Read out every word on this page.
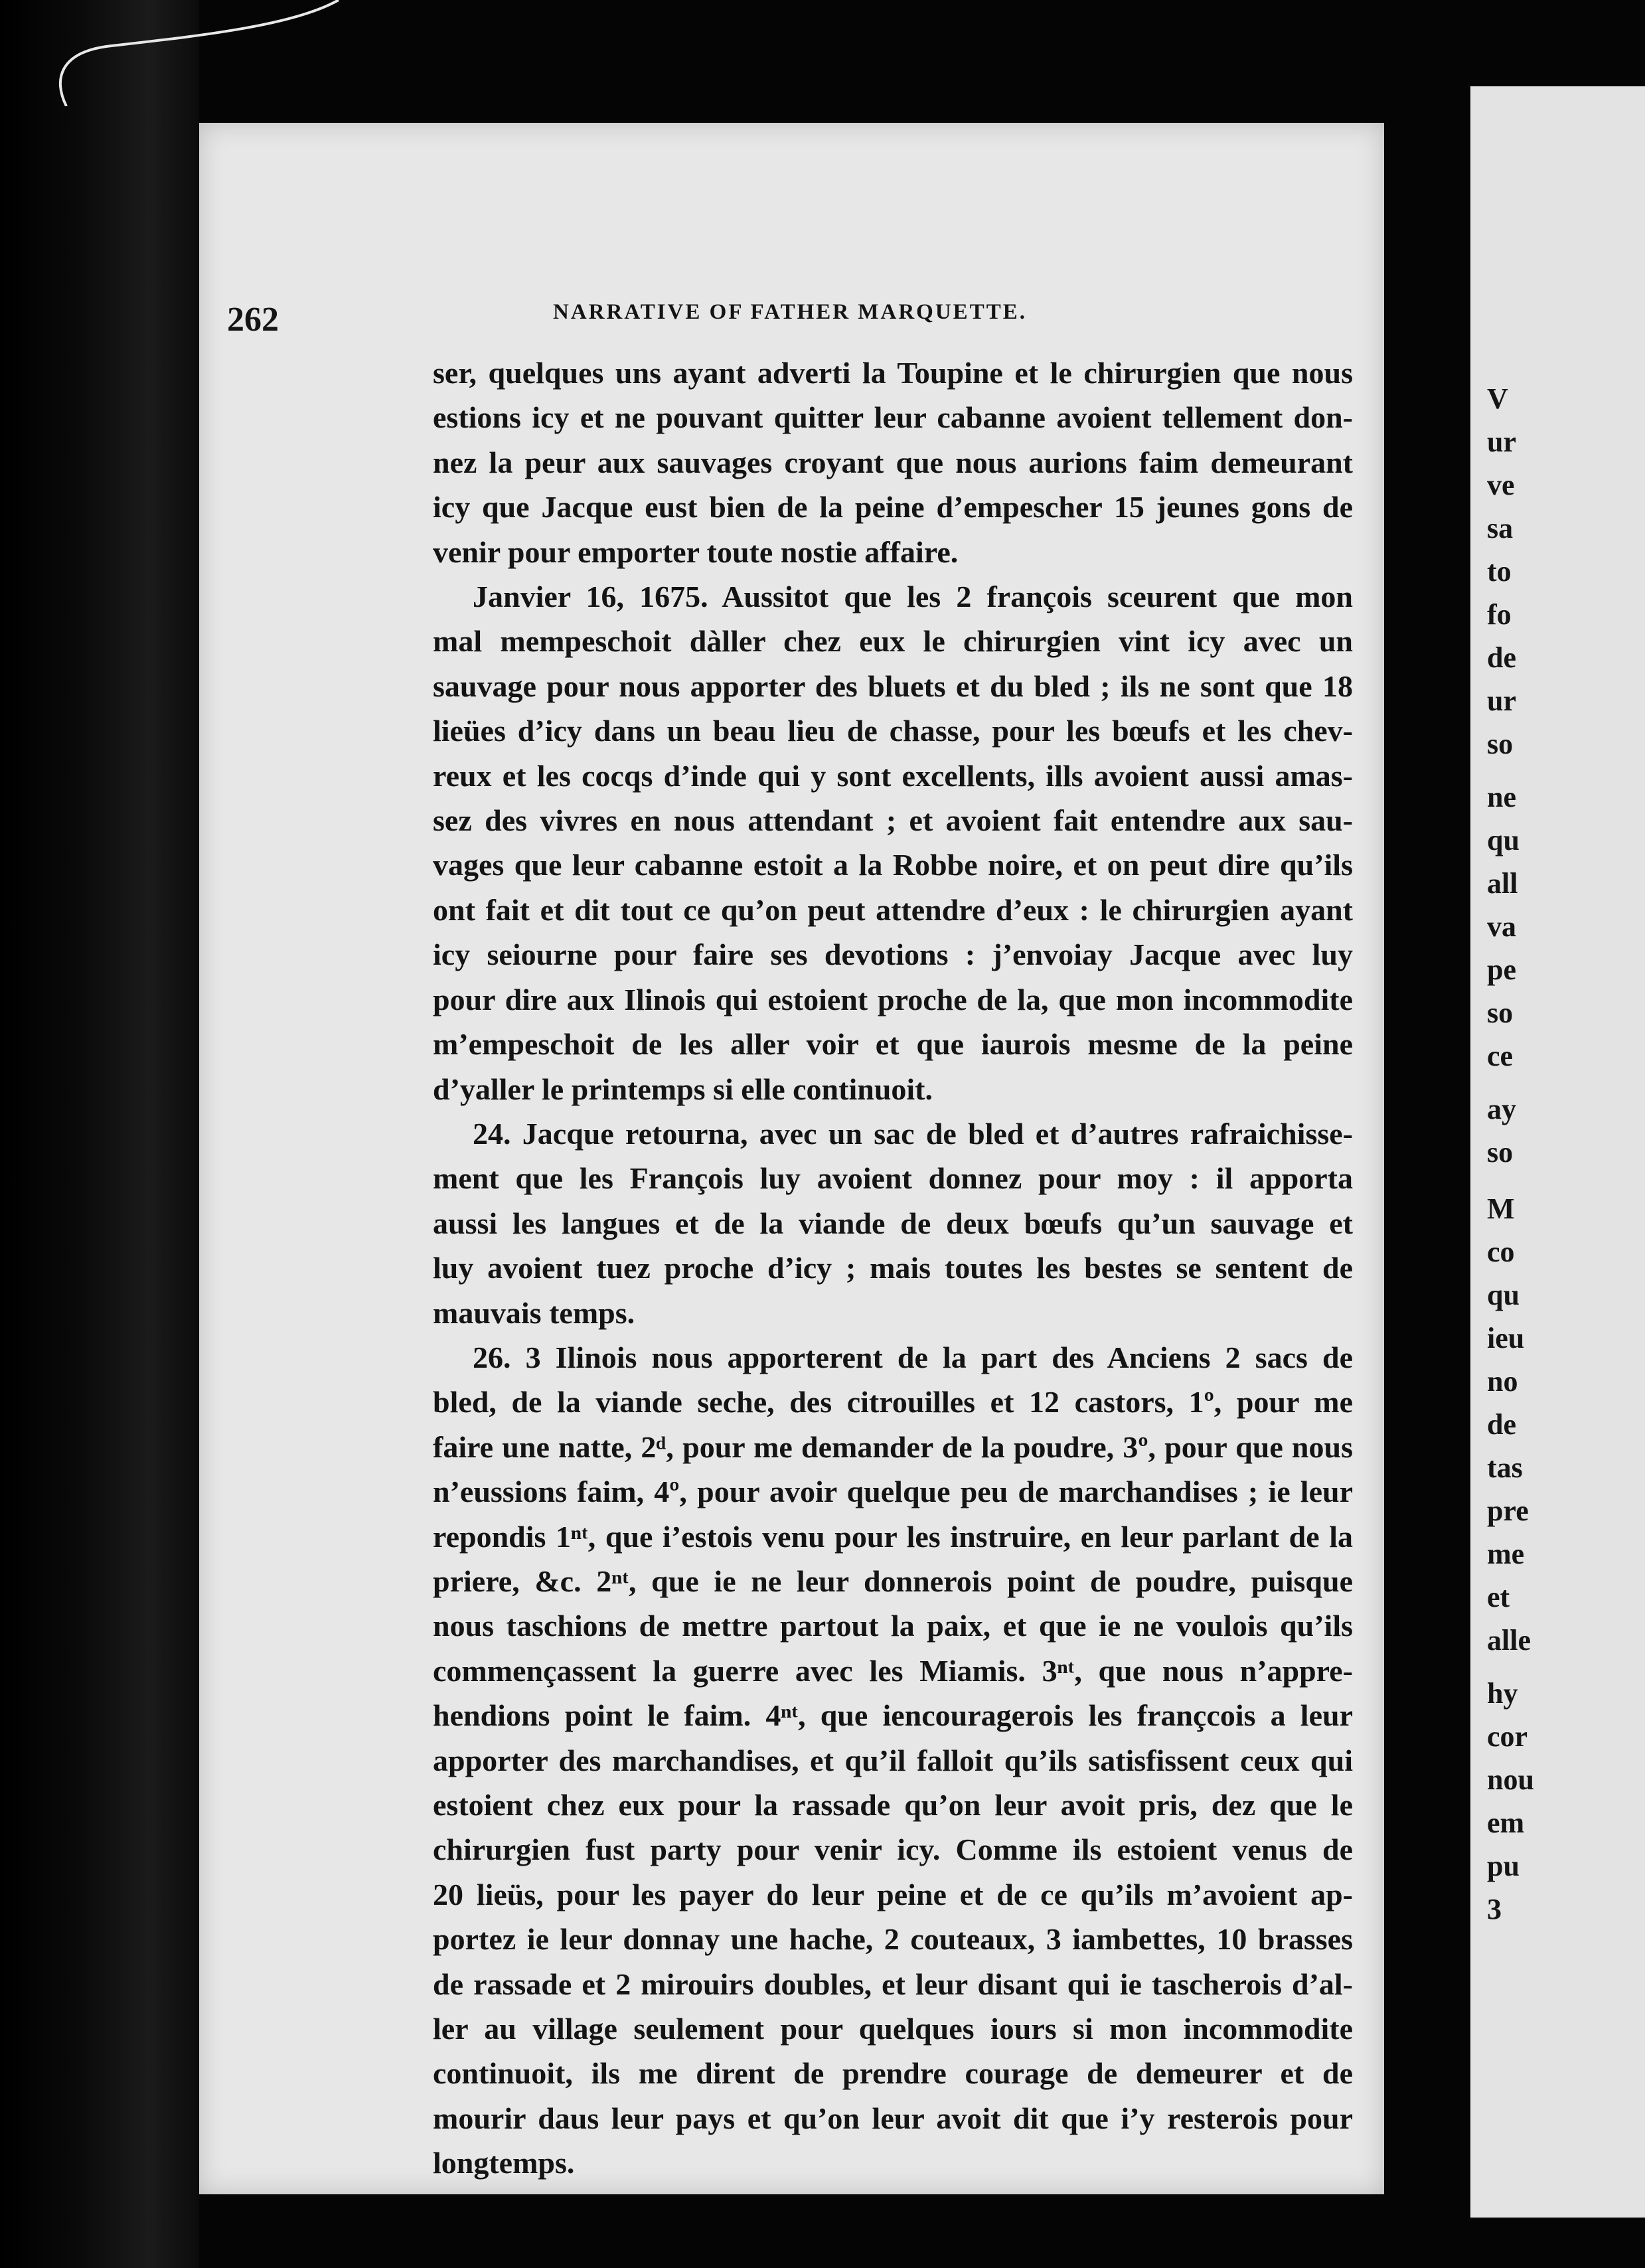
262	NARRATIVE OF FATHER MARQUETTE.
ser, quelques uns ayant adverti la Toupine et le chirurgien que nous
estions icy et ne pouvant quitter leur cabanne avoient tellement don-
nez la peur aux sauvages croyant que nous aurions faim demeurant
icy que Jacque eust bien de la peine d’empescher 15 jeunes gons de
venir pour emporter toute nostie affaire.
Janvier 16, 1675. Aussitot que les 2 françois sceurent que mon
mal mempeschoit dàller chez eux le chirurgien vint icy avec un
sauvage pour nous apporter des bluets et du bled ; ils ne sont que 18
lieües d’icy dans un beau lieu de chasse, pour les bœufs et les chev-
reux et les cocqs d’inde qui y sont excellents, ills avoient aussi amas-
sez des vivres en nous attendant ; et avoient fait entendre aux sau-
vages que leur cabanne estoit a la Robbe noire, et on peut dire qu’ils
ont fait et dit tout ce qu’on peut attendre d’eux : le chirurgien ayant
icy seiourne pour faire ses devotions : j’envoiay Jacque avec luy
pour dire aux Ilinois qui estoient proche de la, que mon incommodite
m’empeschoit de les aller voir et que iaurois mesme de la peine
d’yaller le printemps si elle continuoit.
24. Jacque retourna, avec un sac de bled et d’autres rafraichisse-
ment que les François luy avoient donnez pour moy : il apporta
aussi les langues et de la viande de deux bœufs qu’un sauvage et
luy avoient tuez proche d’icy ; mais toutes les bestes se sentent de
mauvais temps.
26. 3 Ilinois nous apporterent de la part des Anciens 2 sacs de
bled, de la viande seche, des citrouilles et 12 castors, 1º, pour me
faire une natte, 2ᵈ, pour me demander de la poudre, 3º, pour que nous
n’eussions faim, 4º, pour avoir quelque peu de marchandises ; ie leur
repondis 1ⁿᵗ, que i’estois venu pour les instruire, en leur parlant de la
priere, &c. 2ⁿᵗ, que ie ne leur donnerois point de poudre, puisque
nous taschions de mettre partout la paix, et que ie ne voulois qu’ils
commençassent la guerre avec les Miamis. 3ⁿᵗ, que nous n’appre-
hendions point le faim. 4ⁿᵗ, que iencouragerois les françcois a leur
apporter des marchandises, et qu’il falloit qu’ils satisfissent ceux qui
estoient chez eux pour la rassade qu’on leur avoit pris, dez que le
chirurgien fust party pour venir icy. Comme ils estoient venus de
20 lieüs, pour les payer do leur peine et de ce qu’ils m’avoient ap-
portez ie leur donnay une hache, 2 couteaux, 3 iambettes, 10 brasses
de rassade et 2 mirouirs doubles, et leur disant qui ie tascherois d’al-
ler au village seulement pour quelques iours si mon incommodite
continuoit, ils me dirent de prendre courage de demeurer et de
mourir daus leur pays et qu’on leur avoit dit que i’y resterois pour
longtemps.
V
ur
ve
sa
to
fo
de
ur
so
ne
qu
all
va
pe
so
ce
ay
so
M
co
qu
ieu
no
de
tas
pre
me
et
alle
hy
cor
nou
em
pu
3
